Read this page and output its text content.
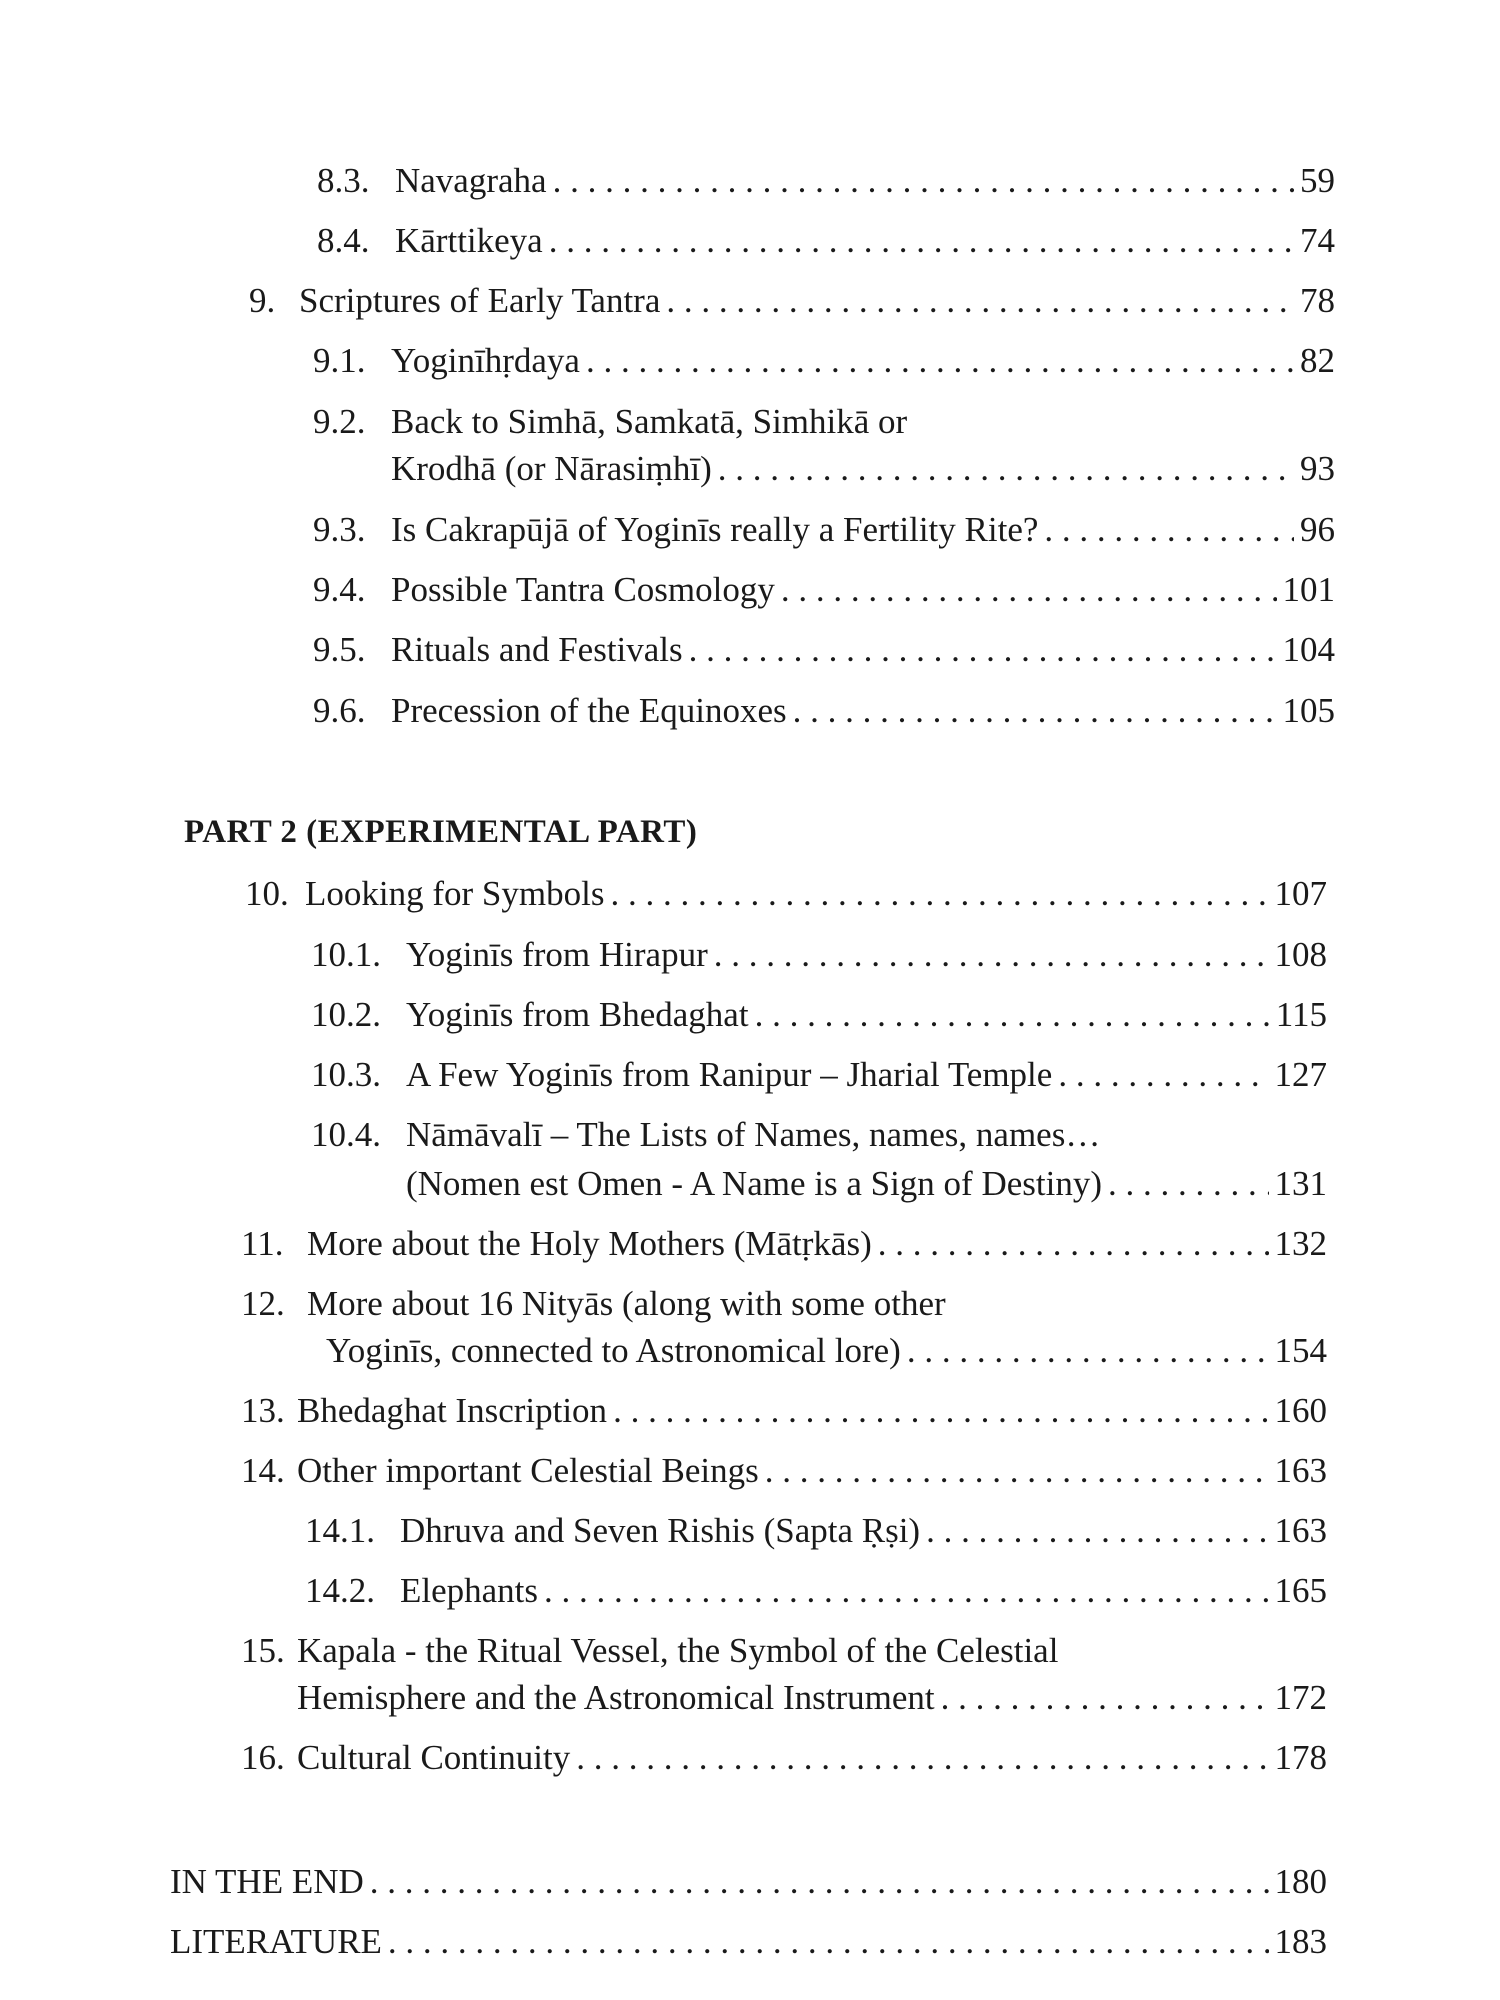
8.3. Navagraha . . .	59
8.4. Kārttikeya . . .	74
9. Scriptures of Early Tantra . . .	78
9.1. Yoginīhṛdaya . . .	82
9.2. Back to Simhā, Samkatā, Simhikā or
Krodhā (or Nārasiṃhī) . . .	93
9.3. Is Cakrapūjā of Yoginīs really a Fertility Rite? . . .	96
9.4. Possible Tantra Cosmology . . .	101
9.5. Rituals and Festivals . . .	104
9.6. Precession of the Equinoxes . . .	105
PART 2 (EXPERIMENTAL PART)
10. Looking for Symbols . . .	107
10.1. Yoginīs from Hirapur . . .	108
10.2. Yoginīs from Bhedaghat . . .	115
10.3. A Few Yoginīs from Ranipur – Jharial Temple . . .	127
10.4. Nāmāvalī – The Lists of Names, names, names…
(Nomen est Omen - A Name is a Sign of Destiny) . . .	131
11. More about the Holy Mothers (Mātṛkās) . . .	132
12. More about 16 Nityās (along with some other
Yoginīs, connected to Astronomical lore) . . .	154
13. Bhedaghat Inscription . . .	160
14. Other important Celestial Beings . . .	163
14.1. Dhruva and Seven Rishis (Sapta Ṛṣi) . . .	163
14.2. Elephants . . .	165
15. Kapala - the Ritual Vessel, the Symbol of the Celestial
Hemisphere and the Astronomical Instrument . . .	172
16. Cultural Continuity . . .	178
IN THE END . . .	180
LITERATURE . . .	183
